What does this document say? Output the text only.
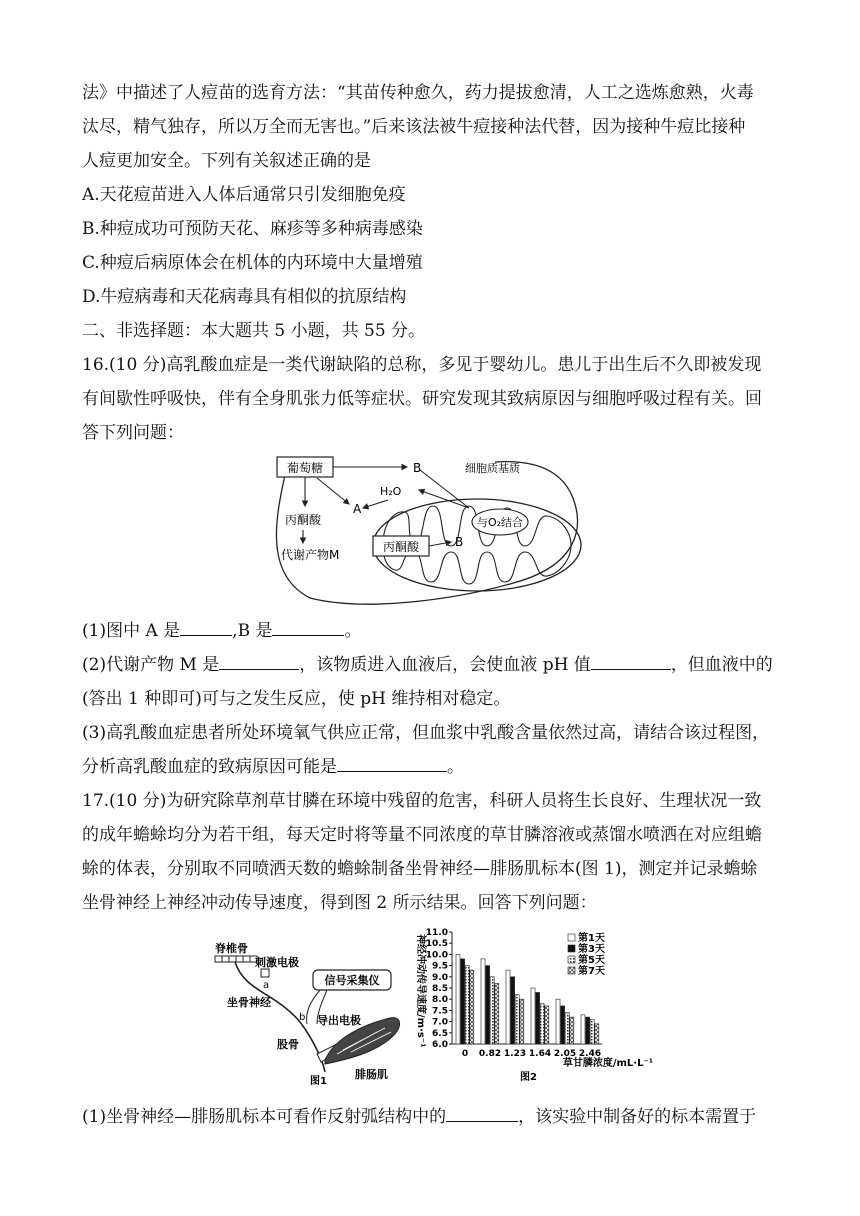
法》中描述了人痘苗的选育方法：“其苗传种愈久，药力提拔愈清，人工之选炼愈熟，火毒
汰尽，精气独存，所以万全而无害也。”后来该法被牛痘接种法代替，因为接种牛痘比接种
人痘更加安全。下列有关叙述正确的是
A.天花痘苗进入人体后通常只引发细胞免疫
B.种痘成功可预防天花、麻疹等多种病毒感染
C.种痘后病原体会在机体的内环境中大量增殖
D.牛痘病毒和天花病毒具有相似的抗原结构
二、非选择题：本大题共 5 小题，共 55 分。
16.(10 分)高乳酸血症是一类代谢缺陷的总称，多见于婴幼儿。患儿于出生后不久即被发现
有间歇性呼吸快，伴有全身肌张力低等症状。研究发现其致病原因与细胞呼吸过程有关。回
答下列问题：
葡萄糖	B	细胞质基质
A
H₂O
与O₂结合
丙酮酸
代谢产物M
丙酮酸	B
(1)图中 A 是	,B 是	。
(2)代谢产物 M 是	，该物质进入血液后，会使血液 pH 值	，但血液中的
(答出 1 种即可)可与之发生反应，使 pH 维持相对稳定。
(3)高乳酸血症患者所处环境氧气供应正常，但血浆中乳酸含量依然过高，请结合该过程图，
分析高乳酸血症的致病原因可能是	。
17.(10 分)为研究除草剂草甘膦在环境中残留的危害，科研人员将生长良好、生理状况一致
的成年蟾蜍均分为若干组，每天定时将等量不同浓度的草甘膦溶液或蒸馏水喷洒在对应组蟾
蜍的体表，分别取不同喷洒天数的蟾蜍制备坐骨神经—腓肠肌标本(图 1)，测定并记录蟾蜍
坐骨神经上神经冲动传导速度，得到图 2 所示结果。回答下列问题：
脊椎骨
刺激电极
a
坐骨神经
b
信号采集仪
导出电极
股骨
腓肠肌
图1
神经冲动传导速度/m·s⁻¹
草甘膦浓度/mL·L⁻¹
图2
6.0
6.5
7.0
7.5
8.0
8.5
9.0
9.5
10.0
10.5
11.0
0 0.82 1.23 1.64 2.05 2.46
第1天
第3天
第5天
第7天
(1)坐骨神经—腓肠肌标本可看作反射弧结构中的	，该实验中制备好的标本需置于
